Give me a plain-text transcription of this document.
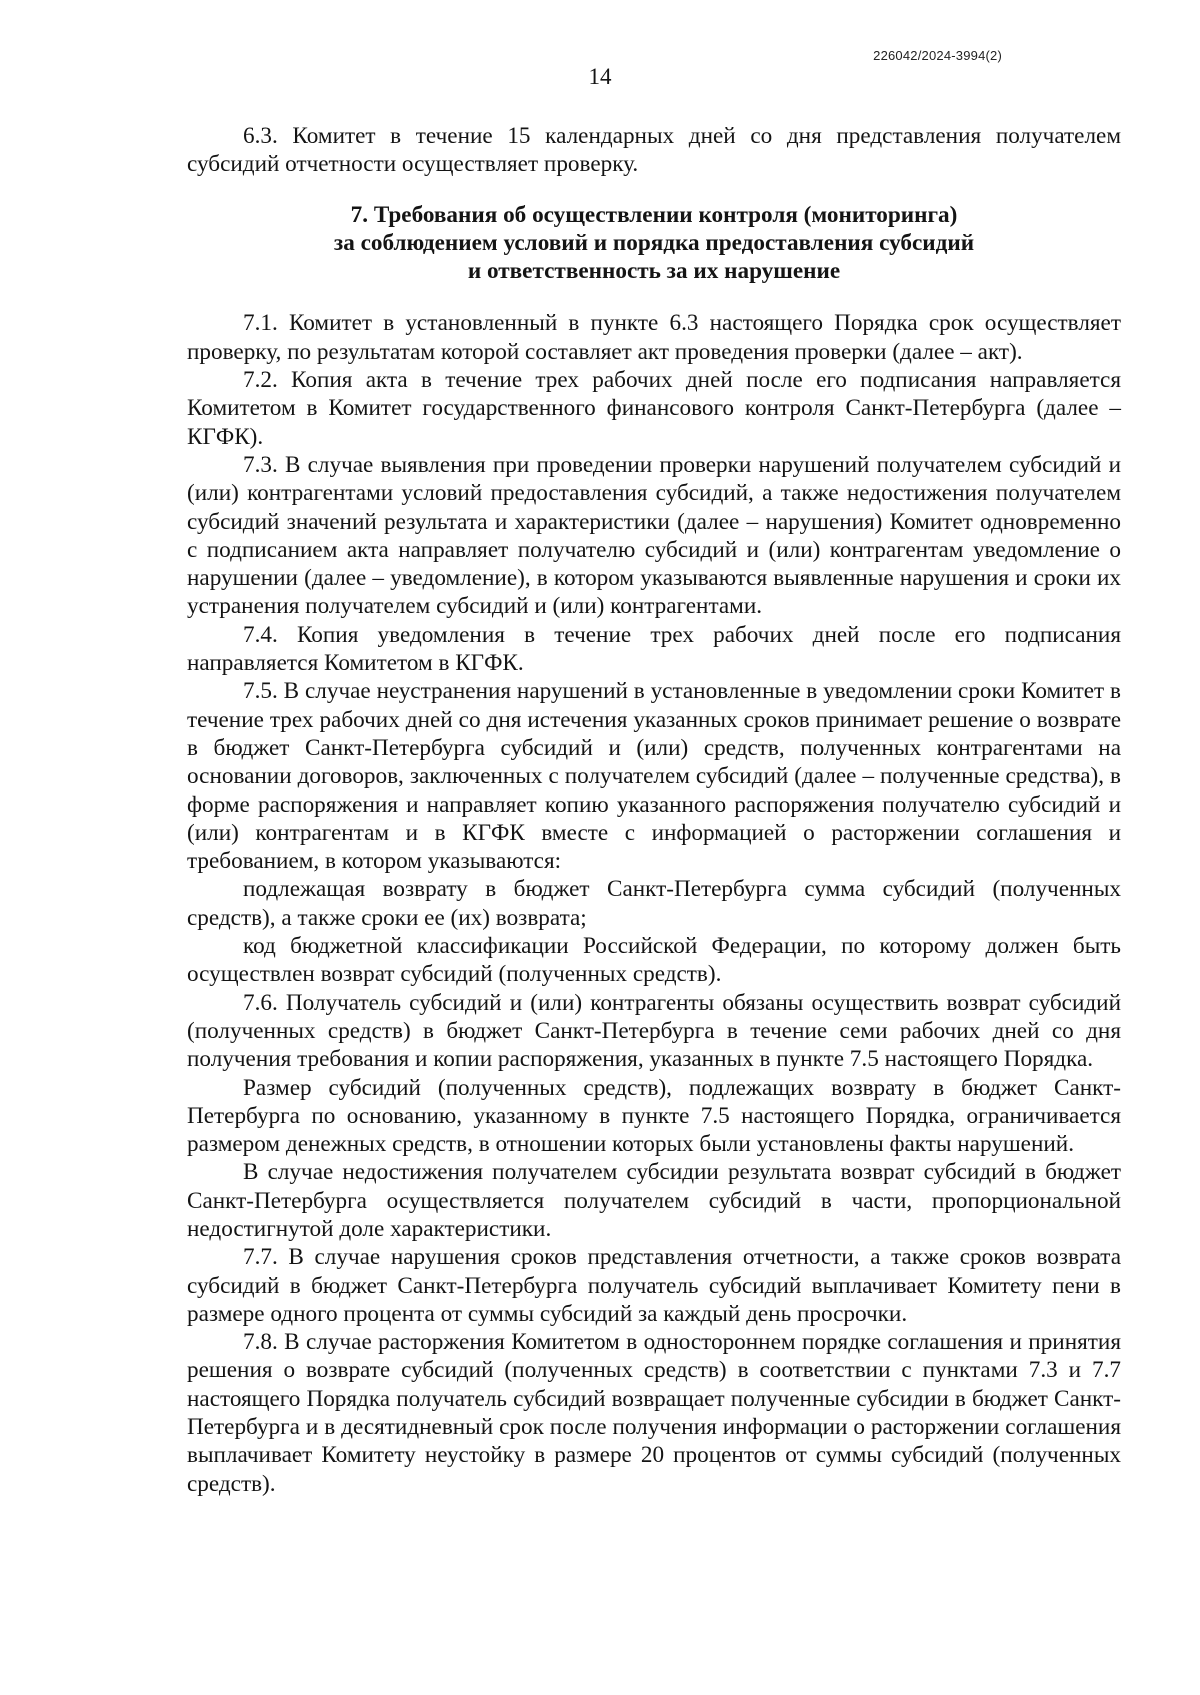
226042/2024-3994(2)
14

6.3. Комитет в течение 15 календарных дней со дня представления получателем субсидий отчетности осуществляет проверку.

7. Требования об осуществлении контроля (мониторинга)
за соблюдением условий и порядка предоставления субсидий
и ответственность за их нарушение

7.1. Комитет в установленный в пункте 6.3 настоящего Порядка срок осуществляет проверку, по результатам которой составляет акт проведения проверки (далее – акт).

7.2. Копия акта в течение трех рабочих дней после его подписания направляется Комитетом в Комитет государственного финансового контроля Санкт-Петербурга (далее – КГФК).

7.3. В случае выявления при проведении проверки нарушений получателем субсидий и (или) контрагентами условий предоставления субсидий, а также недостижения получателем субсидий значений результата и характеристики (далее – нарушения) Комитет одновременно с подписанием акта направляет получателю субсидий и (или) контрагентам уведомление о нарушении (далее – уведомление), в котором указываются выявленные нарушения и сроки их устранения получателем субсидий и (или) контрагентами.

7.4. Копия уведомления в течение трех рабочих дней после его подписания направляется Комитетом в КГФК.

7.5. В случае неустранения нарушений в установленные в уведомлении сроки Комитет в течение трех рабочих дней со дня истечения указанных сроков принимает решение о возврате в бюджет Санкт-Петербурга субсидий и (или) средств, полученных контрагентами на основании договоров, заключенных с получателем субсидий (далее – полученные средства), в форме распоряжения и направляет копию указанного распоряжения получателю субсидий и (или) контрагентам и в КГФК вместе с информацией о расторжении соглашения и требованием, в котором указываются:

подлежащая возврату в бюджет Санкт-Петербурга сумма субсидий (полученных средств), а также сроки ее (их) возврата;

код бюджетной классификации Российской Федерации, по которому должен быть осуществлен возврат субсидий (полученных средств).

7.6. Получатель субсидий и (или) контрагенты обязаны осуществить возврат субсидий (полученных средств) в бюджет Санкт-Петербурга в течение семи рабочих дней со дня получения требования и копии распоряжения, указанных в пункте 7.5 настоящего Порядка.

Размер субсидий (полученных средств), подлежащих возврату в бюджет Санкт-Петербурга по основанию, указанному в пункте 7.5 настоящего Порядка, ограничивается размером денежных средств, в отношении которых были установлены факты нарушений.

В случае недостижения получателем субсидии результата возврат субсидий в бюджет Санкт-Петербурга осуществляется получателем субсидий в части, пропорциональной недостигнутой доле характеристики.

7.7. В случае нарушения сроков представления отчетности, а также сроков возврата субсидий в бюджет Санкт-Петербурга получатель субсидий выплачивает Комитету пени в размере одного процента от суммы субсидий за каждый день просрочки.

7.8. В случае расторжения Комитетом в одностороннем порядке соглашения и принятия решения о возврате субсидий (полученных средств) в соответствии с пунктами 7.3 и 7.7 настоящего Порядка получатель субсидий возвращает полученные субсидии в бюджет Санкт-Петербурга и в десятидневный срок после получения информации о расторжении соглашения выплачивает Комитету неустойку в размере 20 процентов от суммы субсидий (полученных средств).
